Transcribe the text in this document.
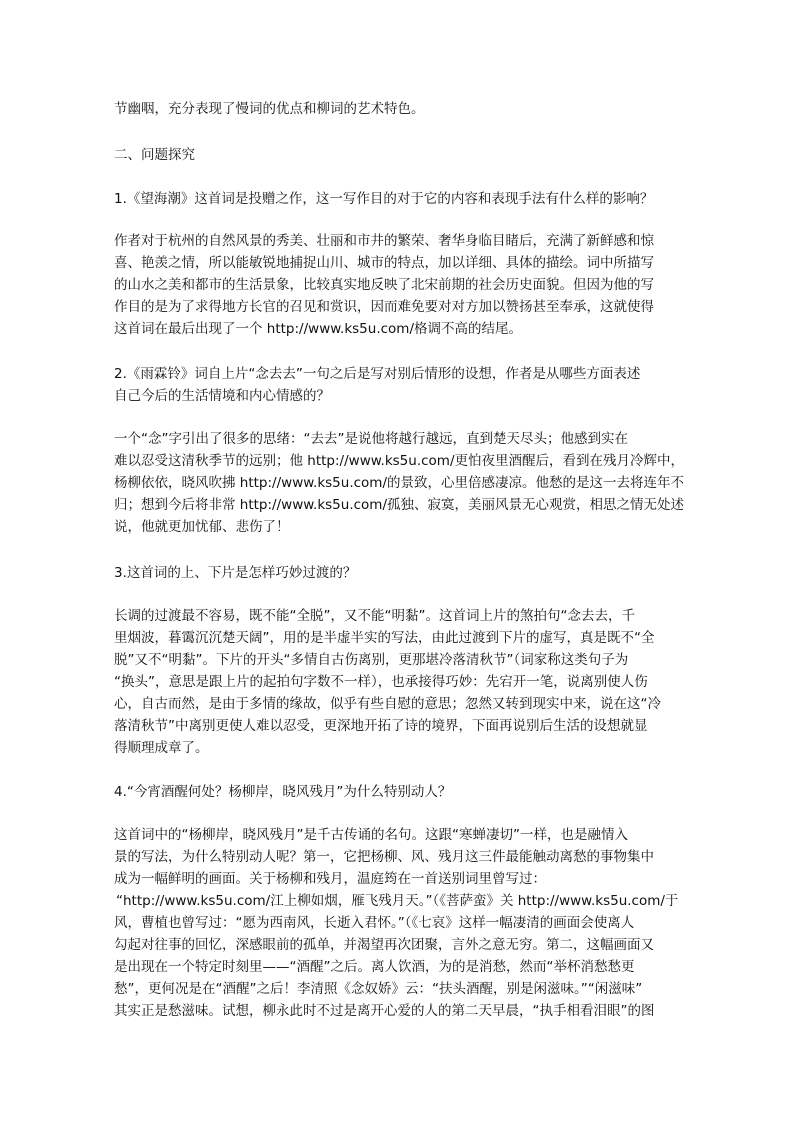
节幽咽，充分表现了慢词的优点和柳词的艺术特色。
二、问题探究
1.《望海潮》这首词是投赠之作，这一写作目的对于它的内容和表现手法有什么样的影响？
作者对于杭州的自然风景的秀美、壮丽和市井的繁荣、奢华身临目睹后，充满了新鲜感和惊
喜、艳羡之情，所以能敏锐地捕捉山川、城市的特点，加以详细、具体的描绘。词中所描写
的山水之美和都市的生活景象，比较真实地反映了北宋前期的社会历史面貌。但因为他的写
作目的是为了求得地方长官的召见和赏识，因而难免要对对方加以赞扬甚至奉承，这就使得
这首词在最后出现了一个 http://www.ks5u.com/格调不高的结尾。
2.《雨霖铃》词自上片“念去去”一句之后是写对别后情形的设想，作者是从哪些方面表述
自己今后的生活情境和内心情感的？
一个“念”字引出了很多的思绪：“去去”是说他将越行越远，直到楚天尽头；他感到实在
难以忍受这清秋季节的远别；他 http://www.ks5u.com/更怕夜里酒醒后，看到在残月冷辉中，
杨柳依依，晓风吹拂 http://www.ks5u.com/的景致，心里倍感凄凉。他愁的是这一去将连年不
归；想到今后将非常 http://www.ks5u.com/孤独、寂寞，美丽风景无心观赏，相思之情无处述
说，他就更加忧郁、悲伤了！
3.这首词的上、下片是怎样巧妙过渡的？
长调的过渡最不容易，既不能“全脱”，又不能“明黏”。这首词上片的煞拍句“念去去，千
里烟波，暮霭沉沉楚天阔”，用的是半虚半实的写法，由此过渡到下片的虚写，真是既不“全
脱”又不“明黏”。下片的开头“多情自古伤离别，更那堪冷落清秋节”（词家称这类句子为
“换头”，意思是跟上片的起拍句字数不一样），也承接得巧妙：先宕开一笔，说离别使人伤
心，自古而然，是由于多情的缘故，似乎有些自慰的意思；忽然又转到现实中来，说在这“冷
落清秋节”中离别更使人难以忍受，更深地开拓了诗的境界，下面再说别后生活的设想就显
得顺理成章了。
4.“今宵酒醒何处？杨柳岸，晓风残月”为什么特别动人？
这首词中的“杨柳岸，晓风残月”是千古传诵的名句。这跟“寒蝉凄切”一样，也是融情入
景的写法，为什么特别动人呢？第一，它把杨柳、风、残月这三件最能触动离愁的事物集中
成为一幅鲜明的画面。关于杨柳和残月，温庭筠在一首送别词里曾写过：
“http://www.ks5u.com/江上柳如烟，雁飞残月天。”（《菩萨蛮》关 http://www.ks5u.com/于
风，曹植也曾写过：“愿为西南风，长逝入君怀。”（《七哀》这样一幅凄清的画面会使离人
勾起对往事的回忆，深感眼前的孤单，并渴望再次团聚，言外之意无穷。第二，这幅画面又
是出现在一个特定时刻里——“酒醒”之后。离人饮酒，为的是消愁，然而“举杯消愁愁更
愁”，更何况是在“酒醒”之后！李清照《念奴娇》云：“扶头酒醒，别是闲滋味。”“闲滋味”
其实正是愁滋味。试想，柳永此时不过是离开心爱的人的第二天早晨，“执手相看泪眼”的图
